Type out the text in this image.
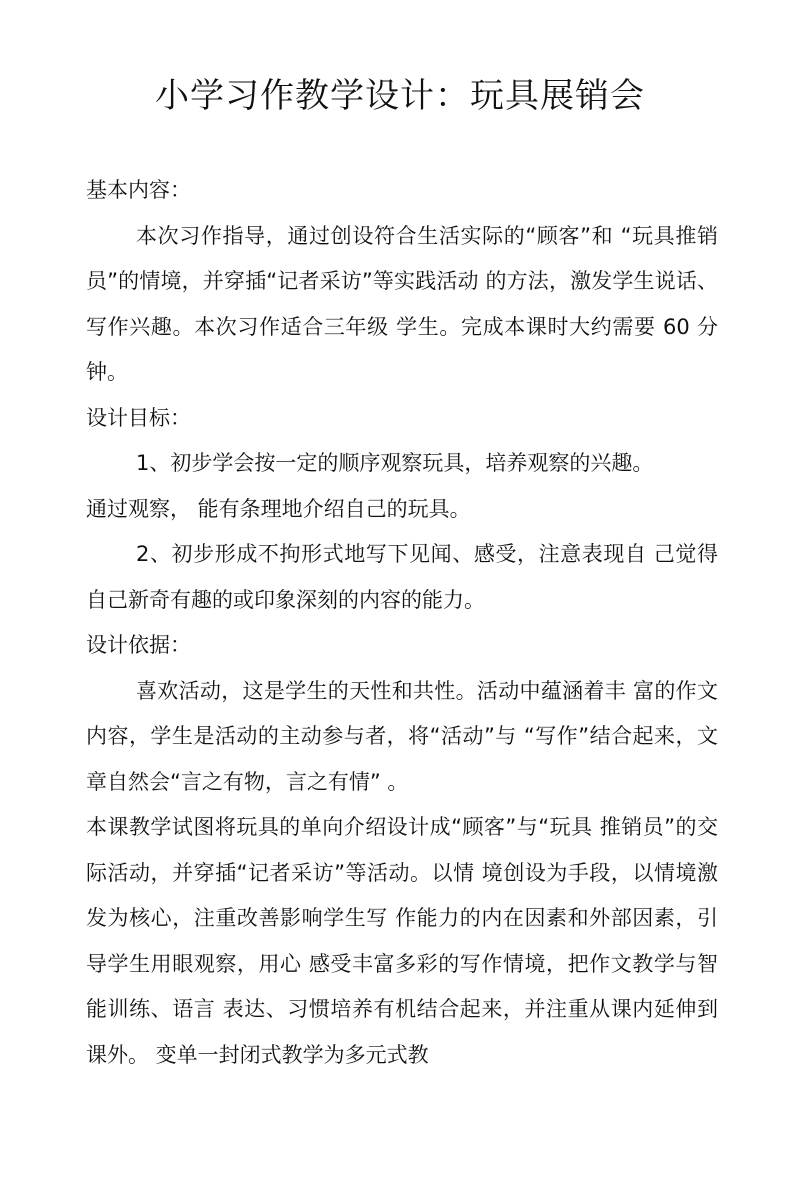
小学习作教学设计：玩具展销会
基本内容：

本次习作指导，通过创设符合生活实际的“顾客”和 “玩具推销员”的情境，并穿插“记者采访”等实践活动 的方法，激发学生说话、写作兴趣。本次习作适合三年级 学生。完成本课时大约需要 60 分钟。

设计目标：

1、初步学会按一定的顺序观察玩具，培养观察的兴趣。

通过观察， 能有条理地介绍自己的玩具。

2、初步形成不拘形式地写下见闻、感受，注意表现自 己觉得自己新奇有趣的或印象深刻的内容的能力。

设计依据：

喜欢活动，这是学生的天性和共性。活动中蕴涵着丰 富的作文内容，学生是活动的主动参与者，将“活动”与 “写作”结合起来，文章自然会“言之有物，言之有情” 。

本课教学试图将玩具的单向介绍设计成“顾客”与“玩具 推销员”的交际活动，并穿插“记者采访”等活动。以情 境创设为手段，以情境激发为核心，注重改善影响学生写 作能力的内在因素和外部因素，引导学生用眼观察，用心 感受丰富多彩的写作情境，把作文教学与智能训练、语言 表达、习惯培养有机结合起来，并注重从课内延伸到课外。 变单一封闭式教学为多元式教
